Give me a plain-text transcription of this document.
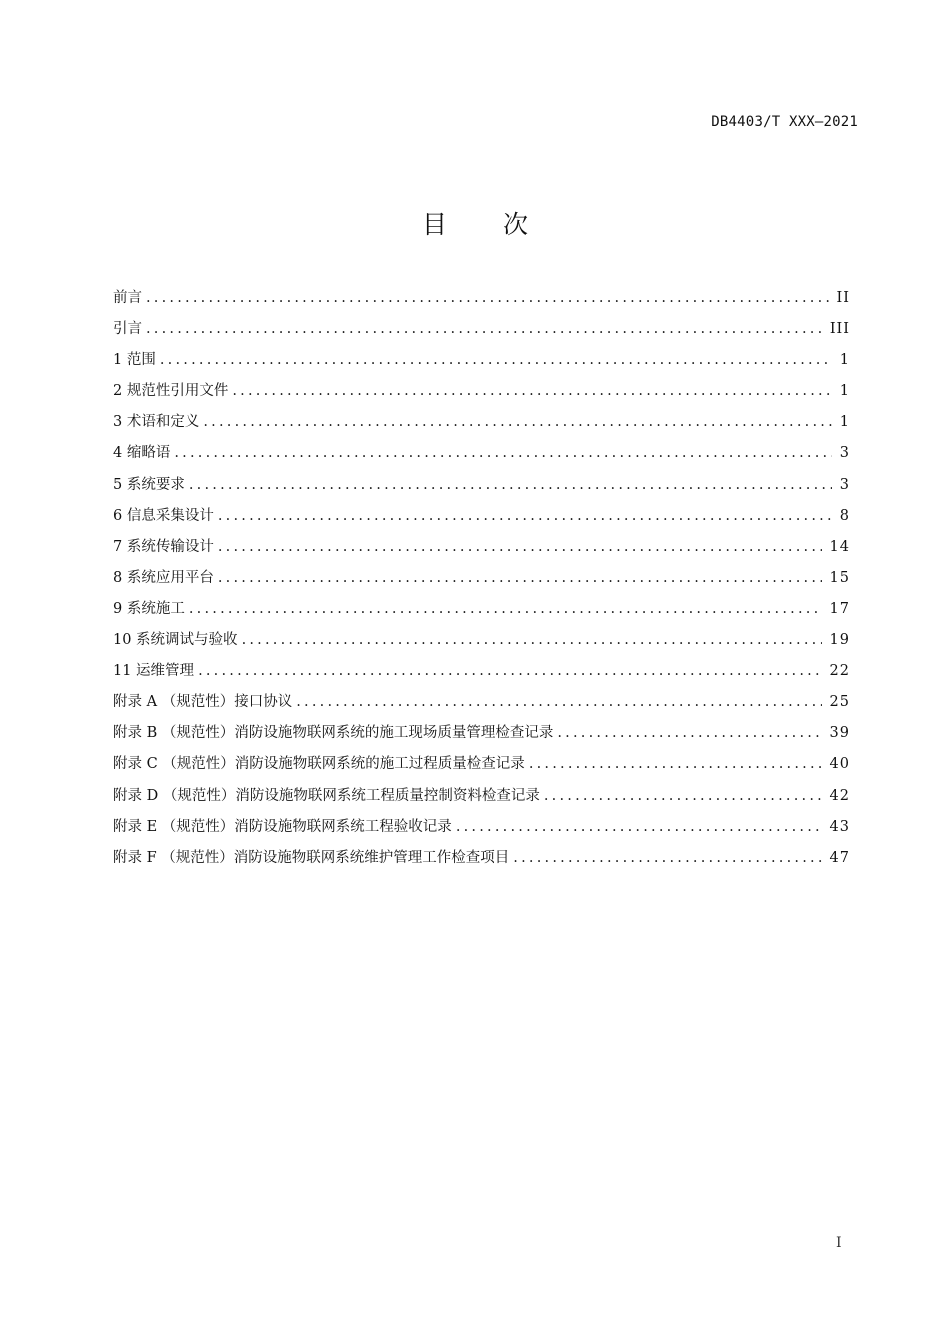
DB4403/T XXX—2021
目 次
前言 .....	II
引言 .....	III
1 范围 .....	1
2 规范性引用文件 .....	1
3 术语和定义 .....	1
4 缩略语 .....	3
5 系统要求 .....	3
6 信息采集设计 .....	8
7 系统传输设计 .....	14
8 系统应用平台 .....	15
9 系统施工 .....	17
10 系统调试与验收 .....	19
11 运维管理 .....	22
附录 A （规范性）接口协议 .....	25
附录 B （规范性）消防设施物联网系统的施工现场质量管理检查记录 .....	39
附录 C （规范性）消防设施物联网系统的施工过程质量检查记录 .....	40
附录 D （规范性）消防设施物联网系统工程质量控制资料检查记录 .....	42
附录 E （规范性）消防设施物联网系统工程验收记录 .....	43
附录 F （规范性）消防设施物联网系统维护管理工作检查项目 .....	47
I
